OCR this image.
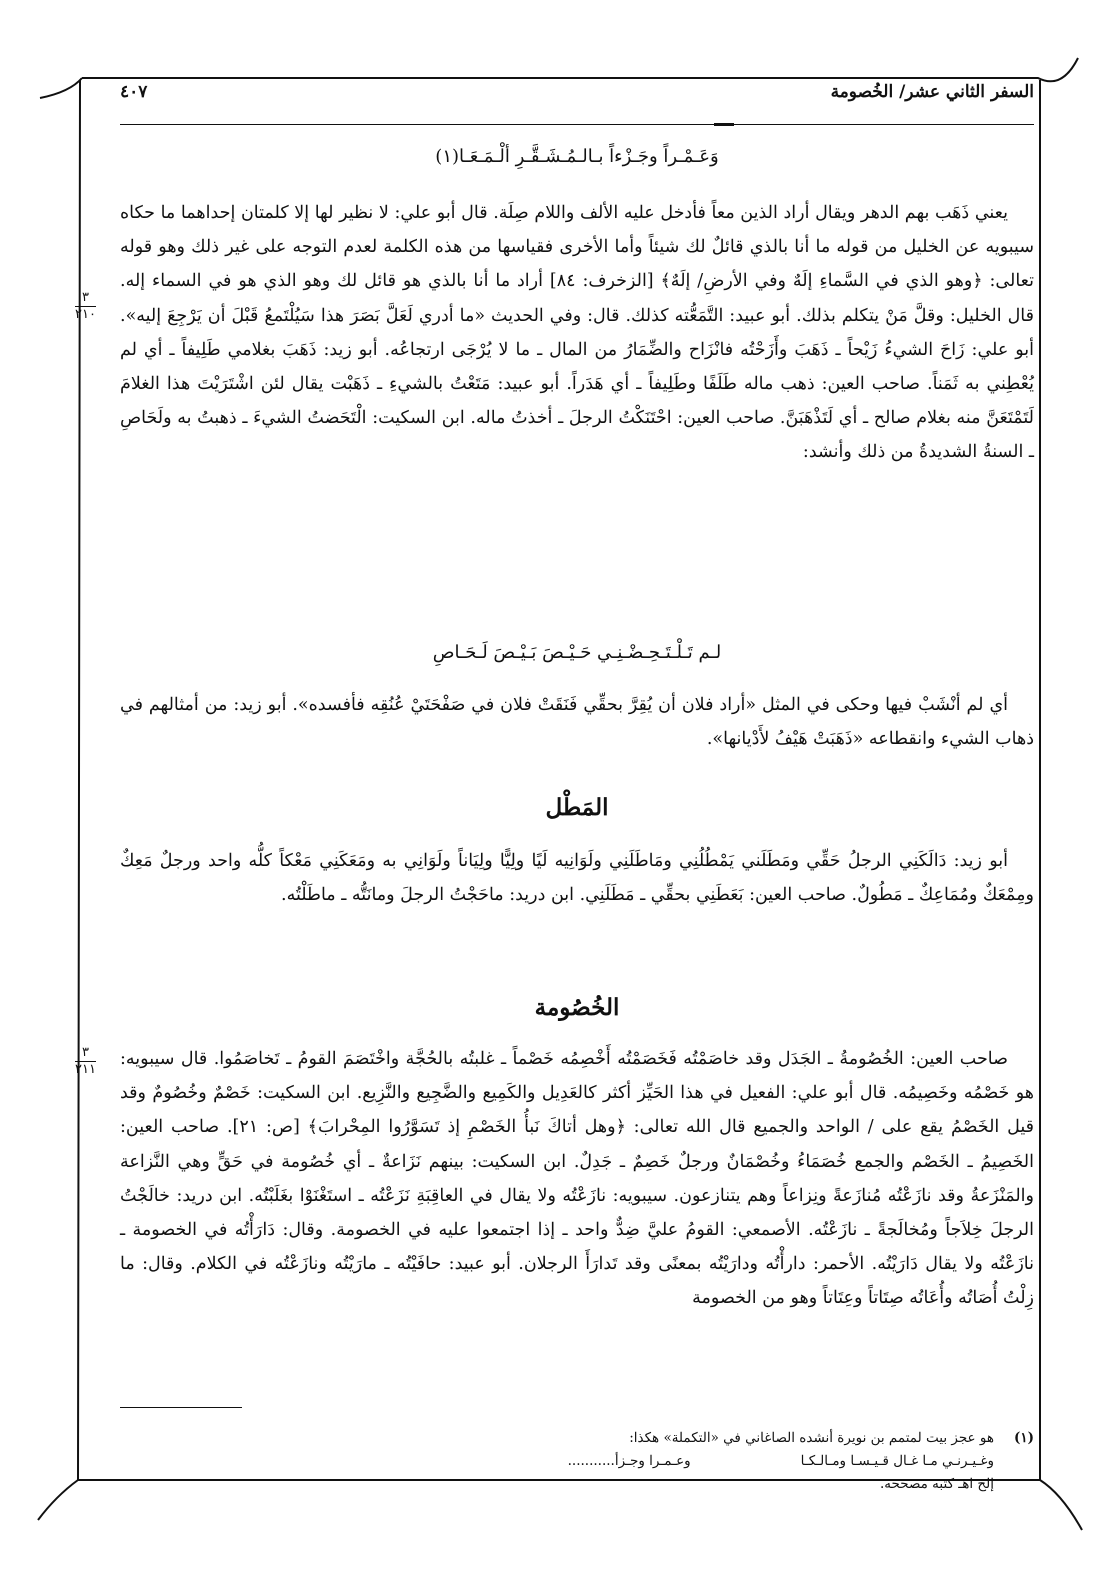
السفر الثاني عشر/ الخُصومة
٤٠٧
وَعَـمْـراً وجَـزْءاً بـالـمُـشَـقَّـرِ ألْـمَـعَـا(١)

يعني ذَهَب بهم الدهر ويقال أراد الذين معاً فأدخل عليه الألف واللام صِلَة. قال أبو علي: لا نظير لها إلا كلمتان إحداهما ما حكاه سيبويه عن الخليل من قوله ما أنا بالذي قائلٌ لك شيئاً وأما الأخرى فقياسها من هذه الكلمة لعدم التوجه على غير ذلك وهو قوله تعالى: ﴿وهو الذي في السَّماءِ إلَهٌ وفي الأرضِ/ إلَهٌ﴾ [الزخرف: ٨٤] أراد ما أنا بالذي هو قائل لك وهو الذي هو في السماء إله. قال الخليل: وقلَّ مَنْ يتكلم بذلك. أبو عبيد: التَّمَعُّته كذلك. قال: وفي الحديث «ما أدري لَعَلَّ بَصَرَ هذا سَيُلْتَمعُ قَبْلَ أن يَرْجِعَ إليه». أبو علي: زَاحَ الشيءُ زَيْحاً ـ ذَهَبَ وأَزَحْتُه فانْزَاح والضِّمَارُ من المال ـ ما لا يُرْجَى ارتجاعُه. أبو زيد: ذَهَبَ بغلامي طَلِيفاً ـ أي لم يُعْطِني به ثَمَناً. صاحب العين: ذهب ماله طَلَفًا وطَلِيفاً ـ أي هَدَراً. أبو عبيد: مَتَعْتُ بالشيءِ ـ ذَهَبْت يقال لئن اشْتَرَيْتَ هذا الغلامَ لَتَمْتَعَنَّ منه بغلام صالح ـ أي لَتَذْهَبَنَّ. صاحب العين: احْتَنَكْتُ الرجلَ ـ أخذتُ ماله. ابن السكيت: الْتَحَضتُ الشيءَ ـ ذهبتُ به ولَحَاصِ ـ السنةُ الشديدةُ من ذلك وأنشد:

لـم تَـلْـتَـحِـضْـنِـي حَـيْـصَ بَـيْـصَ لَـحَـاصِ

أي لم أنْشَبْ فيها وحكى في المثل «أراد فلان أن يُقِرَّ بحقِّي فَنَقَتْ فلان في صَفْحَتَيْ عُنُقِه فأفسده». أبو زيد: من أمثالهم في ذهاب الشيء وانقطاعه «ذَهَبَتْ هَيْفُ لأَدْيانها».

المَطْل

أبو زيد: دَالَكَنِي الرجلُ حَقِّي ومَطَلَني يَمْطُلُنِي ومَاطَلَنِي ولَوَانِيه لَيًا ولِيًّا ولِيَاناً ولَوَانِي به ومَعَكَنِي مَعْكاً كلُّه واحد ورجلٌ مَعِكٌ ومِمْعَكٌ ومُمَاعِكٌ ـ مَطُولٌ. صاحب العين: بَعَطَنِي بحقِّي ـ مَطَلَنِي. ابن دريد: ماحَجْتُ الرجلَ ومانَتُّه ـ ماطَلْتُه.

الخُصُومة

صاحب العين: الخُصُومةُ ـ الجَدَل وقد خاصَمْتُه فَخَصَمْتُه أَخْصِمُه خَصْماً ـ غلبتُه بالحُجَّة واخْتَصَمَ القومُ ـ تَخاصَمُوا. قال سيبويه: هو خَصْمُه وخَصِيمُه. قال أبو علي: الفعيل في هذا الحَيِّز أكثر كالعَدِيل والكَمِيع والضَّجِيع والنَّزِيع. ابن السكيت: خَصْمٌ وخُصُومٌ وقد قيل الخَصْمُ يقع على / الواحد والجميع قال الله تعالى: ﴿وهل أتاكَ نَبأُ الخَصْمِ إذ تَسَوَّرُوا المِحْرابَ﴾ [ص: ٢١]. صاحب العين: الخَصِيمُ ـ الخَصْم والجمع خُصَمَاءُ وخُصْمَانٌ ورجلٌ خَصِمٌ ـ جَدِلٌ. ابن السكيت: بينهم نَزَاعةٌ ـ أي خُصُومة في حَقٍّ وهي النَّزاعة والمَنْزَعةُ وقد نازَعْتُه مُنازَعةً ونِزاعاً وهم يتنازعون. سيبويه: نازَعْتُه ولا يقال في العاقِبَةِ نَزَعْتُه ـ استَغْنَوْا بغَلَبْتُه. ابن دريد: خالَجْتُ الرجلَ خِلاَجاً ومُخالَجةً ـ نازَعْتُه. الأصمعي: القومُ عليَّ ضِدٌّ واحد ـ إذا اجتمعوا عليه في الخصومة. وقال: دَارَأْتُه في الخصومة ـ نازَعْتُه ولا يقال دَارَيْتُه. الأحمر: دارأْتُه ودارَيْتُه بمعنًى وقد تَدارَأَ الرجلان. أبو عبيد: حافَيْتُه ـ مارَيْتُه ونازَعْتُه في الكلام. وقال: ما زِلْتُ أُصَاتُه وأُعَاتُه صِتَاتاً وعِتَاتاً وهو من الخصومة

(١)هو عجز بيت لمتمم بن نويرة أنشده الصاغاني في «التكملة» هكذا:
وغـيـرنـي مـا غـال قـيـسـا ومـالـكـاوعـمـرا وجـزأ...........
إلخ اهـ كتبه مصححه.
٣
٢١٠
٣
٢١١
